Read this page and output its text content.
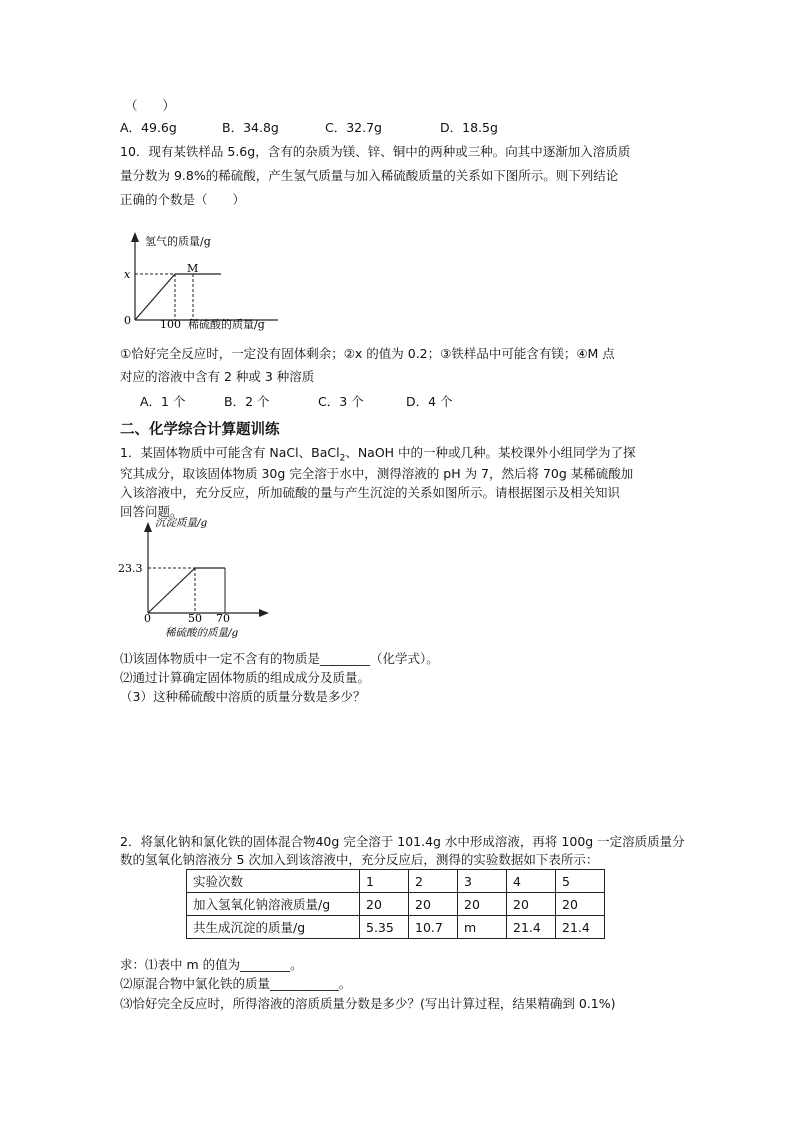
（　　）
A．49.6g	B．34.8g	C．32.7g	D．18.5g
10．现有某铁样品 5.6g，含有的杂质为镁、锌、铜中的两种或三种。向其中逐渐加入溶质质
量分数为 9.8%的稀硫酸，产生氢气质量与加入稀硫酸质量的关系如下图所示。则下列结论
正确的个数是（　　）
氢气的质量/g
x	M
0	100 稀硫酸的质量/g
①恰好完全反应时，一定没有固体剩余；②x 的值为 0.2；③铁样品中可能含有镁；④M 点
对应的溶液中含有 2 种或 3 种溶质
A．1 个	B．2 个	C．3 个	D．4 个
二、化学综合计算题训练
1．某固体物质中可能含有 NaCl、BaCl$_2$、NaOH 中的一种或几种。某校课外小组同学为了探
究其成分，取该固体物质 30g 完全溶于水中，测得溶液的 pH 为 7，然后将 70g 某稀硫酸加
入该溶液中，充分反应，所加硫酸的量与产生沉淀的关系如图所示。请根据图示及相关知识
回答问题。
沉淀质量/g
23.3
0	50 70
稀硫酸的质量/g
⑴该固体物质中一定不含有的物质是________（化学式）。
⑵通过计算确定固体物质的组成成分及质量。
（3）这种稀硫酸中溶质的质量分数是多少？
2．将氯化钠和氯化铁的固体混合物40g 完全溶于 101.4g 水中形成溶液，再将 100g 一定溶质质量分
数的氢氧化钠溶液分 5 次加入到该溶液中，充分反应后，测得的实验数据如下表所示：
实验次数	1	2	3	4	5
加入氢氧化钠溶液质量/g	20	20	20	20	20
共生成沉淀的质量/g	5.35	10.7	m	21.4	21.4
求：⑴表中 m 的值为________。
⑵原混合物中氯化铁的质量___________。
⑶恰好完全反应时，所得溶液的溶质质量分数是多少？(写出计算过程，结果精确到 0.1%)
